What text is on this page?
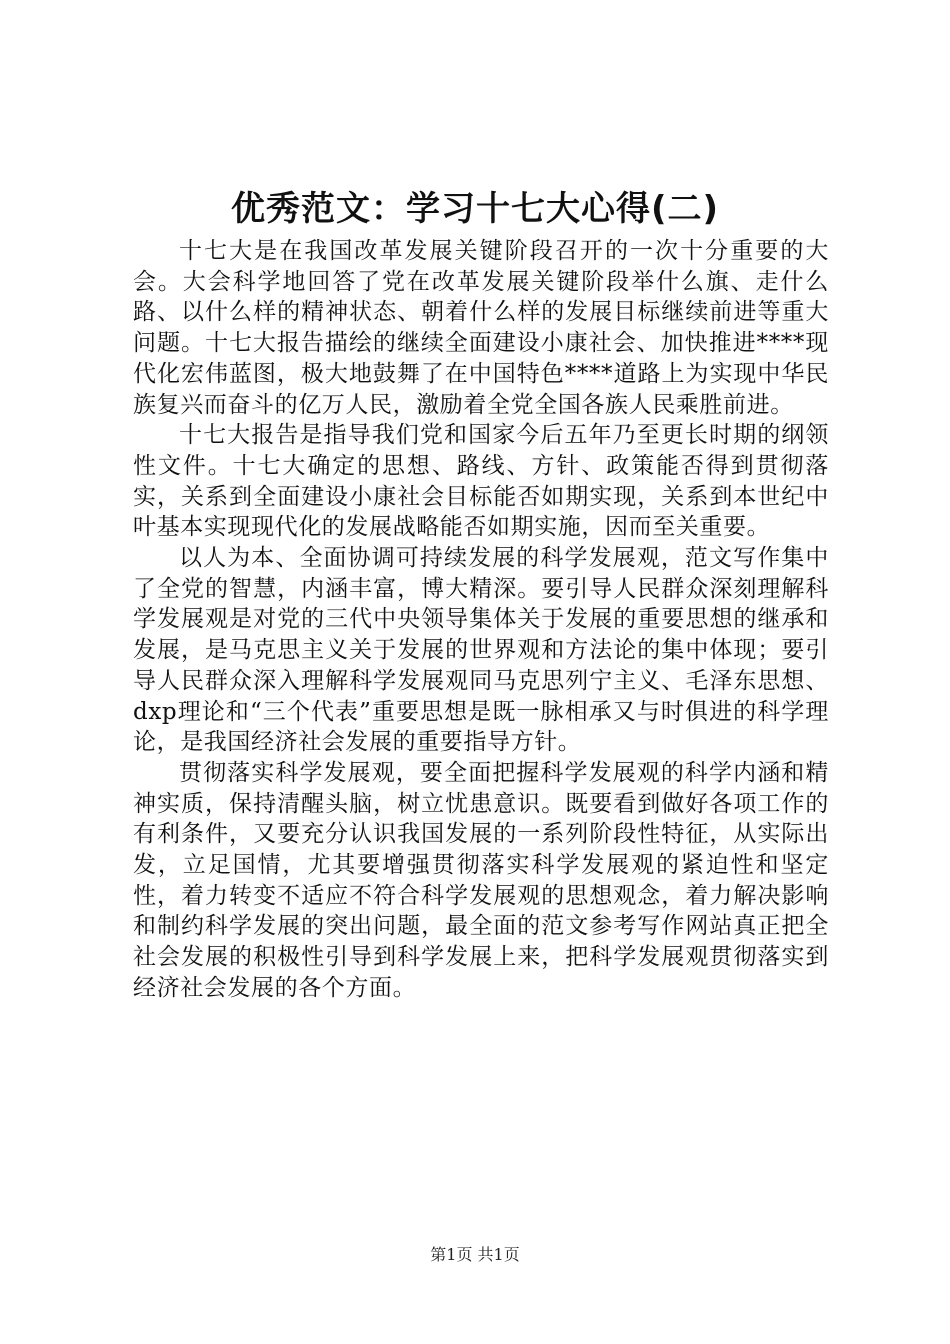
优秀范文：学习十七大心得(二)

十七大是在我国改革发展关键阶段召开的一次十分重要的大会。大会科学地回答了党在改革发展关键阶段举什么旗、走什么路、以什么样的精神状态、朝着什么样的发展目标继续前进等重大问题。十七大报告描绘的继续全面建设小康社会、加快推进****现代化宏伟蓝图，极大地鼓舞了在中国特色****道路上为实现中华民族复兴而奋斗的亿万人民，激励着全党全国各族人民乘胜前进。

十七大报告是指导我们党和国家今后五年乃至更长时期的纲领性文件。十七大确定的思想、路线、方针、政策能否得到贯彻落实，关系到全面建设小康社会目标能否如期实现，关系到本世纪中叶基本实现现代化的发展战略能否如期实施，因而至关重要。

以人为本、全面协调可持续发展的科学发展观，范文写作集中了全党的智慧，内涵丰富，博大精深。要引导人民群众深刻理解科学发展观是对党的三代中央领导集体关于发展的重要思想的继承和发展，是马克思主义关于发展的世界观和方法论的集中体现；要引导人民群众深入理解科学发展观同马克思列宁主义、毛泽东思想、dxp理论和“三个代表”重要思想是既一脉相承又与时俱进的科学理论，是我国经济社会发展的重要指导方针。

贯彻落实科学发展观，要全面把握科学发展观的科学内涵和精神实质，保持清醒头脑，树立忧患意识。既要看到做好各项工作的有利条件，又要充分认识我国发展的一系列阶段性特征，从实际出发，立足国情，尤其要增强贯彻落实科学发展观的紧迫性和坚定性，着力转变不适应不符合科学发展观的思想观念，着力解决影响和制约科学发展的突出问题，最全面的范文参考写作网站真正把全社会发展的积极性引导到科学发展上来，把科学发展观贯彻落实到经济社会发展的各个方面。

第1页 共1页
